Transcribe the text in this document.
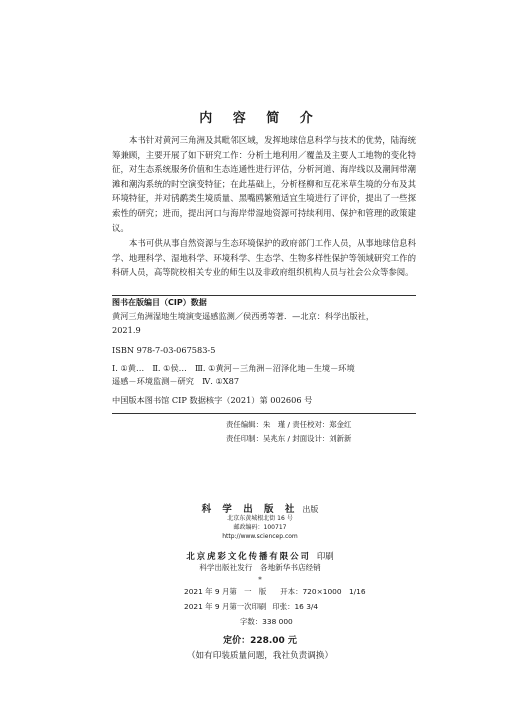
内 容 简 介

本书针对黄河三角洲及其毗邻区域，发挥地球信息科学与技术的优势，陆海统筹兼顾，主要开展了如下研究工作：分析土地利用／覆盖及主要人工地物的变化特征，对生态系统服务价值和生态连通性进行评估，分析河道、海岸线以及潮间带潮滩和潮沟系统的时空演变特征；在此基础上，分析柽柳和互花米草生境的分布及其环境特征，并对鸻鹬类生境质量、黑嘴鸥繁殖适宜生境进行了评价，提出了一些探索性的研究；进而，提出河口与海岸带湿地资源可持续利用、保护和管理的政策建议。

本书可供从事自然资源与生态环境保护的政府部门工作人员，从事地球信息科学、地理科学、湿地科学、环境科学、生态学、生物多样性保护等领域研究工作的科研人员，高等院校相关专业的师生以及非政府组织机构人员与社会公众等参阅。

图书在版编目（CIP）数据
黄河三角洲湿地生境演变遥感监测／侯西勇等著．—北京：科学出版社，
2021.9
ISBN 978-7-03-067583-5
Ⅰ. ①黄…　Ⅱ. ①侯…　Ⅲ. ①黄河－三角洲－沼泽化地－生境－环境
遥感－环境监测－研究　Ⅳ. ①X87
中国版本图书馆 CIP 数据核字（2021）第 002606 号
责任编辑：朱　瑾 / 责任校对：郑金红
责任印制：吴兆东 / 封面设计：刘新新
科 学 出 版 社 出版
北京东黄城根北街 16 号
邮政编码：100717
http://www.sciencep.com
北京虎彩文化传播有限公司 印刷
科学出版社发行　各地新华书店经销
*
2021 年 9 月第　一　版 开本：720×1000　1/16
2021 年 9 月第一次印刷 印张：16 3/4
字数：338 000
定价：228.00 元
（如有印装质量问题，我社负责调换）
